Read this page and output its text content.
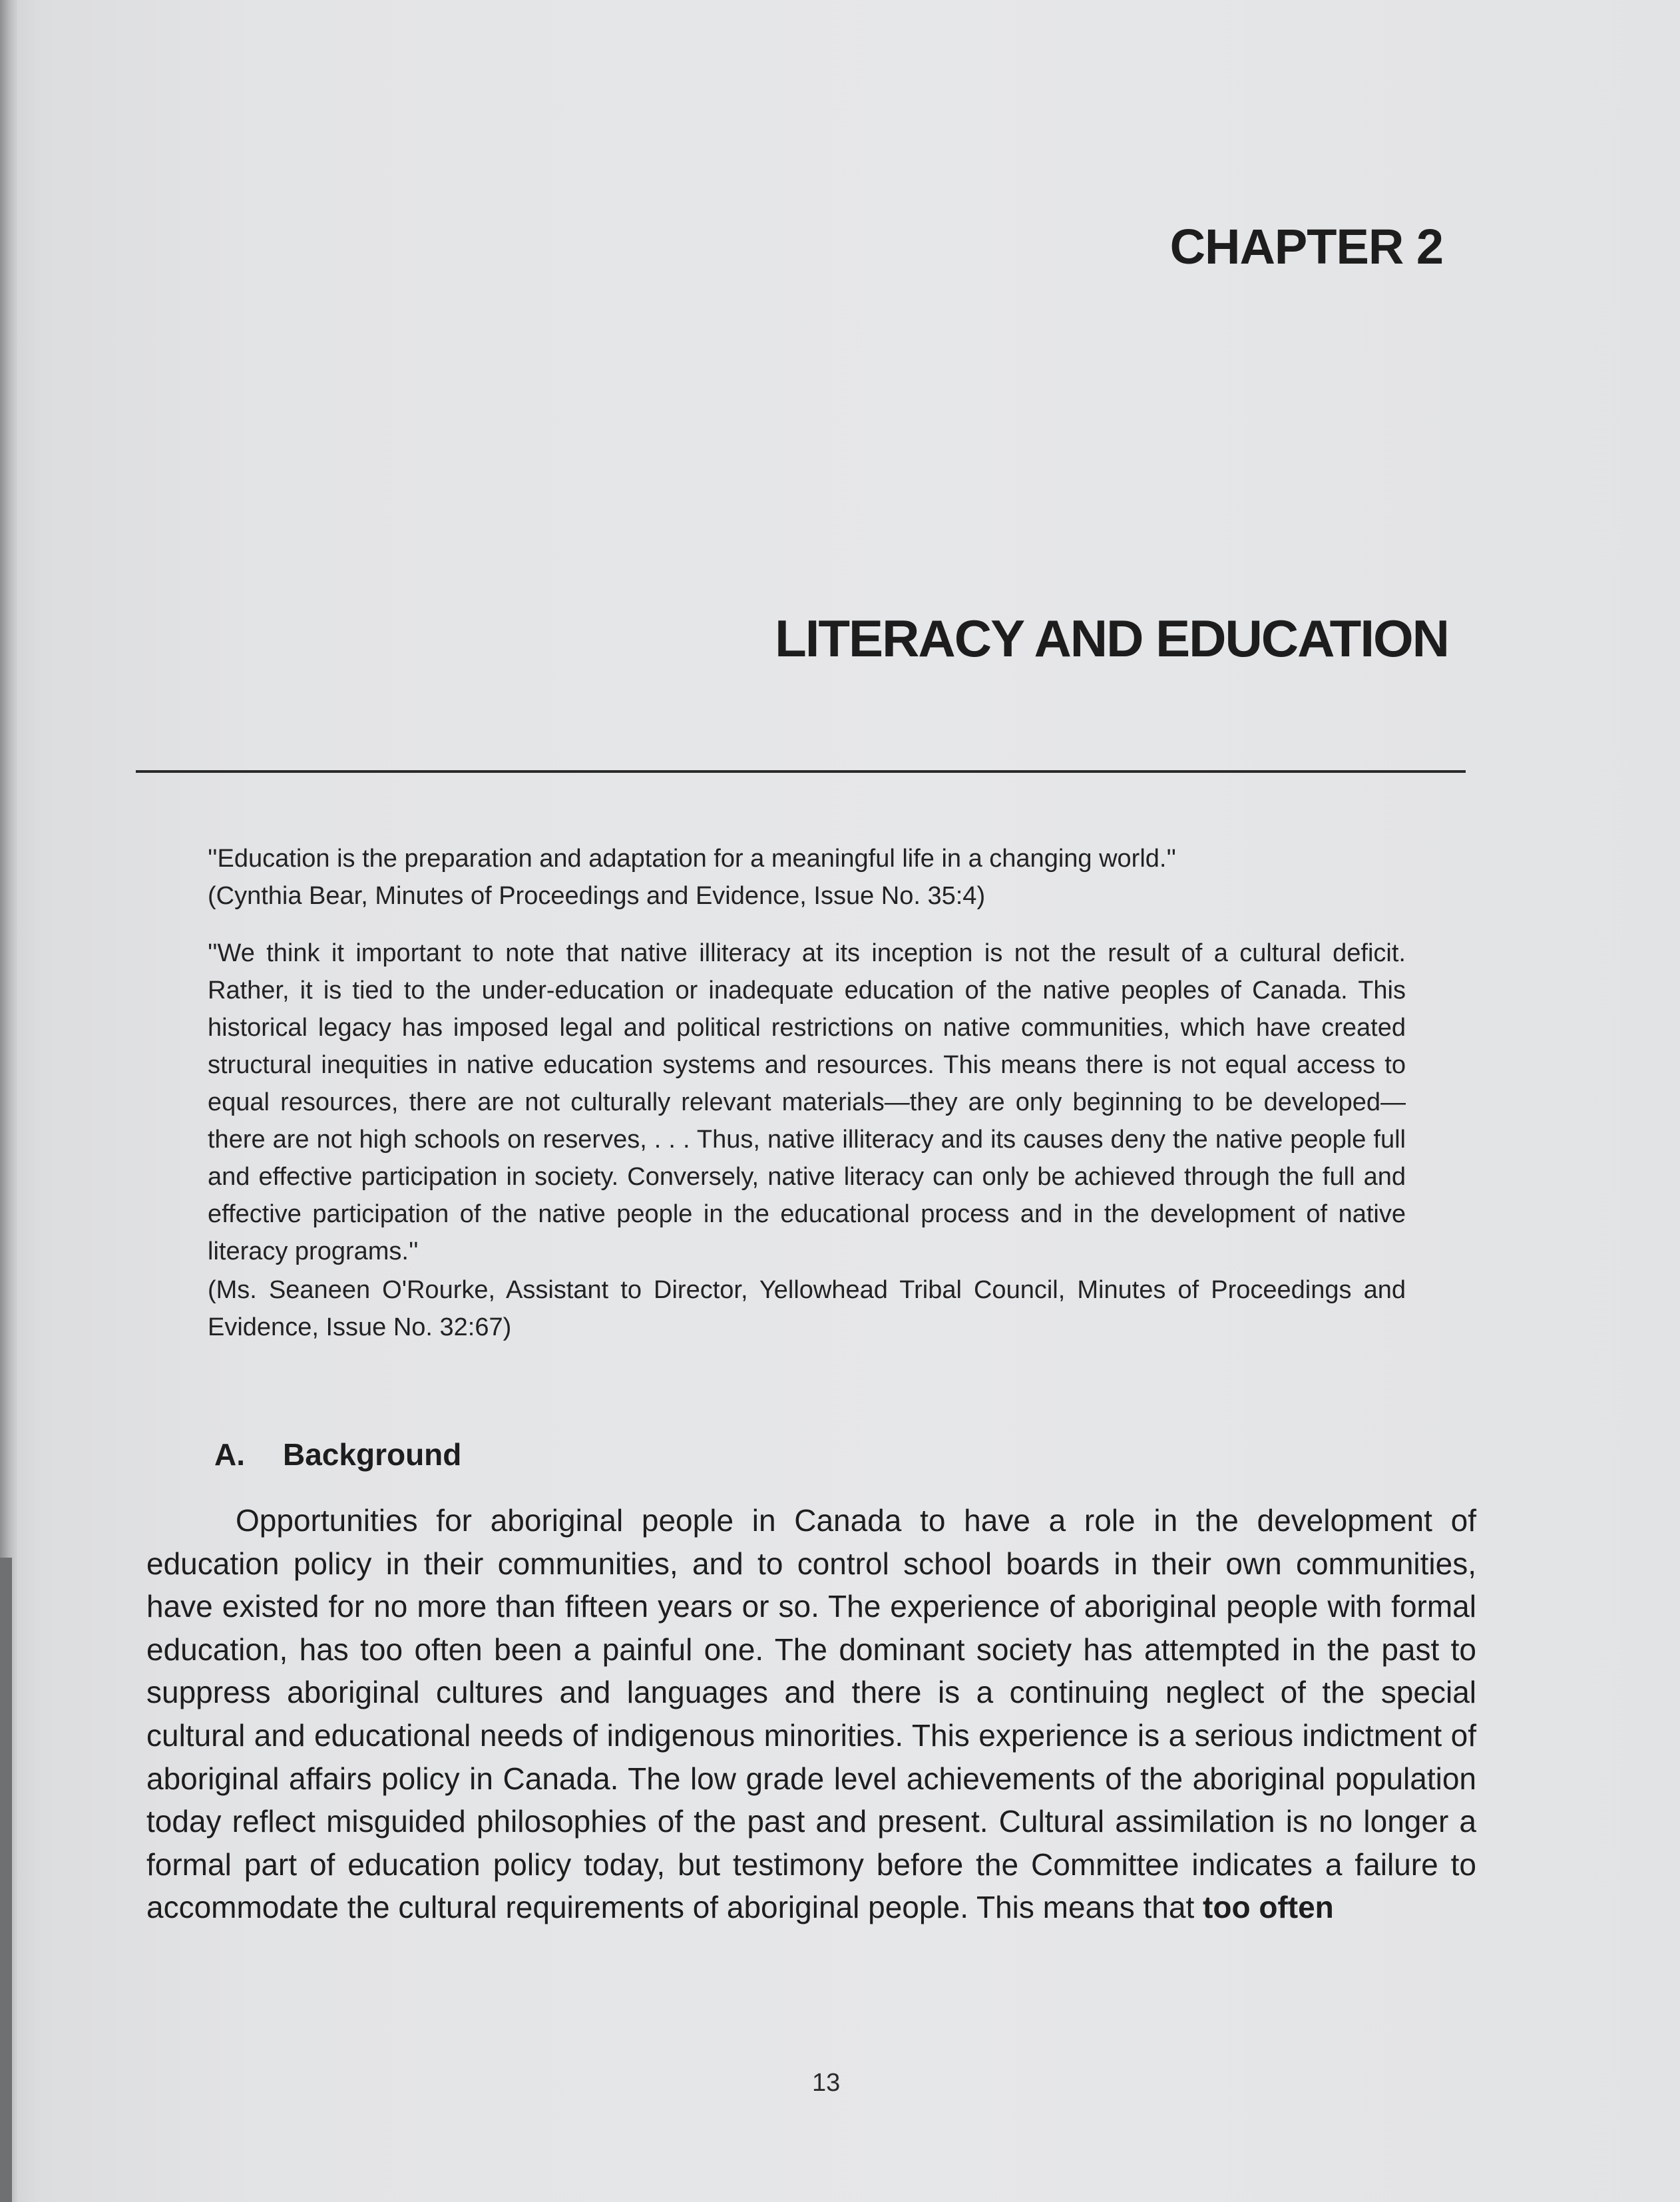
CHAPTER 2
LITERACY AND EDUCATION

''Education is the preparation and adaptation for a meaningful life in a changing world.''

(Cynthia Bear, Minutes of Proceedings and Evidence, Issue No. 35:4)

''We think it important to note that native illiteracy at its inception is not the result of a cultural deficit. Rather, it is tied to the under-education or inadequate education of the native peoples of Canada. This historical legacy has imposed legal and political restrictions on native communities, which have created structural inequities in native education systems and resources. This means there is not equal access to equal resources, there are not culturally relevant materials—they are only beginning to be developed—there are not high schools on reserves, . . . Thus, native illiteracy and its causes deny the native people full and effective participation in society. Conversely, native literacy can only be achieved through the full and effective participation of the native people in the educational process and in the development of native literacy programs.''

(Ms. Seaneen O'Rourke, Assistant to Director, Yellowhead Tribal Council, Minutes of Proceedings and Evidence, Issue No. 32:67)

A. Background

Opportunities for aboriginal people in Canada to have a role in the development of education policy in their communities, and to control school boards in their own communities, have existed for no more than fifteen years or so. The experience of aboriginal people with formal education, has too often been a painful one. The dominant society has attempted in the past to suppress aboriginal cultures and languages and there is a continuing neglect of the special cultural and educational needs of indigenous minorities. This experience is a serious indictment of aboriginal affairs policy in Canada. The low grade level achievements of the aboriginal population today reflect misguided philosophies of the past and present. Cultural assimilation is no longer a formal part of education policy today, but testimony before the Committee indicates a failure to accommodate the cultural requirements of aboriginal people. This means that too often

13
